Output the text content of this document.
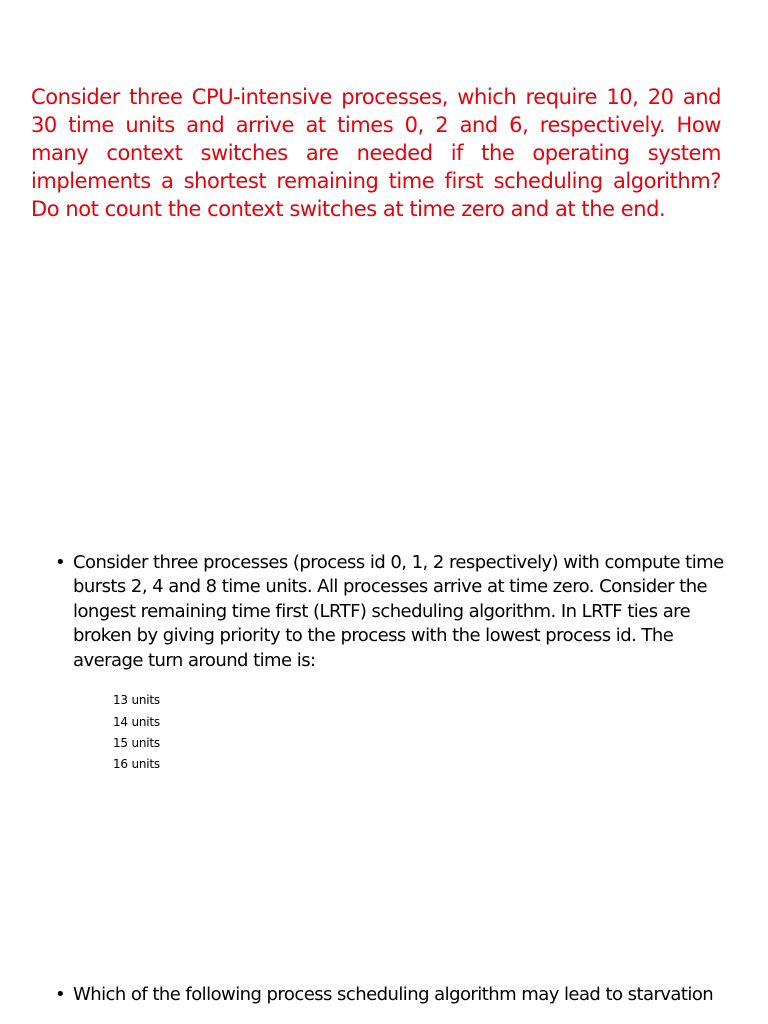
Consider three CPU-intensive processes, which require 10, 20 and 30 time units and arrive at times 0, 2 and 6, respectively. How many context switches are needed if the operating system implements a shortest remaining time first scheduling algorithm? Do not count the context switches at time zero and at the end.
• Consider three processes (process id 0, 1, 2 respectively) with compute time bursts 2, 4 and 8 time units. All processes arrive at time zero. Consider the longest remaining time first (LRTF) scheduling algorithm. In LRTF ties are broken by giving priority to the process with the lowest process id. The average turn around time is:
13 units
14 units
15 units
16 units
• Which of the following process scheduling algorithm may lead to starvation
